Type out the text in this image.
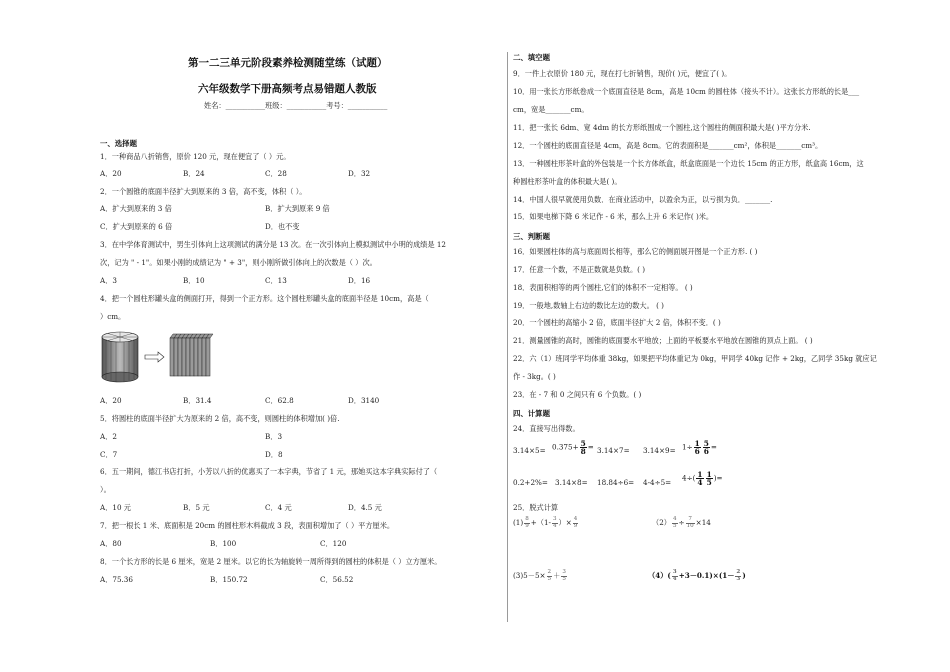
第一二三单元阶段素养检测随堂练（试题）
六年级数学下册高频考点易错题人教版
姓名：___________班级：___________考号：___________
一、选择题
1．一种商品八折销售，原价 120 元，现在便宜了（ ）元。
A．20	B．24	C．28	D．32
2．一个圆锥的底面半径扩大到原来的 3 倍，高不变，体积（ ）。
A．扩大到原来的 3 倍	B．扩大到原来 9 倍
C．扩大到原来的 6 倍	D．也不变
3．在中学体育测试中，男生引体向上这项测试的满分是 13 次。在一次引体向上模拟测试中小明的成绩是 12
次，记为 " - 1"。如果小刚的成绩记为 " + 3"，则小刚所做引体向上的次数是（ ）次。
A．3	B．10	C．13	D．16
4．把一个圆柱形罐头盒的侧面打开，得到一个正方形。这个圆柱形罐头盒的底面半径是 10cm，高是（
）cm。
A．20	B．31.4	C．62.8	D．3140
5．将圆柱的底面半径扩大为原来的 2 倍，高不变，则圆柱的体积增加( )倍.
A．2	B．3
C．7	D．8
6．五一期间，德江书店打折，小芳以八折的优惠买了一本字典，节省了 1 元，那她买这本字典实际付了（
）。
A．10 元	B．5 元	C．4 元	D．4.5 元
7．把一根长 1 米、底面积是 20cm 的圆柱形木料截成 3 段，表面积增加了（ ）平方厘米。
A．80	B．100	C．120
8．一个长方形的长是 6 厘米，宽是 2 厘米。以它的长为轴旋转一周所得到的圆柱的体积是（ ）立方厘米。
A．75.36	B．150.72	C．56.52
二、填空题
9．一件上衣原价 180 元，现在打七折销售，现价( )元，便宜了( )。
10．用一张长方形纸卷成一个底面直径是 8cm，高是 10cm 的圆柱体（接头不计）。这张长方形纸的长是___
cm，宽是_______cm。
11．把一张长 6dm、宽 4dm 的长方形纸围成一个圆柱,这个圆柱的侧面积最大是( )平方分米.
12．一个圆柱的底面直径是 4cm，高是 8cm。它的表面积是_______cm²，体积是_______cm³。
13．一种圆柱形茶叶盒的外包装是一个长方体纸盒，纸盒底面是一个边长 15cm 的正方形，纸盒高 16cm，这
种圆柱形茶叶盒的体积最大是( )。
14．中国人很早就使用负数．在商业活动中，以盈余为正，以亏损为负．_______.
15．如果电梯下降 6 米记作 - 6 米，那么上升 6 米记作( )米。
三、判断题
16．如果圆柱体的高与底面周长相等，那么它的侧面展开图是一个正方形. ( )
17．任意一个数，不是正数就是负数。( )
18．表面积相等的两个圆柱,它们的体积不一定相等。 ( )
19．一般地,数轴上右边的数比左边的数大。 ( )
20．一个圆柱的高缩小 2 倍，底面半径扩大 2 倍，体积不变．( )
21．测量圆锥的高时，圆锥的底面要水平地放；上面的平板要水平地放在圆锥的顶点上面。 ( )
22．六（1）班同学平均体重 38kg，如果把平均体重记为 0kg，甲同学 40kg 记作 + 2kg，乙同学 35kg 就应记
作 - 3kg。( )
23．在 - 7 和 0 之间只有 6 个负数。( )
四、计算题
24．直接写出得数。
$3.14\times 5= 0.375+ \frac{5}{8} = 3.14\times 7= 3.14\times 9= 1\div \frac{1}{6} \frac{5}{6}$ =
$0.2+2\%= 3.14\times 8= 18.84\div 6= 4-4\div 5= 4\div( \frac{1}{4} \frac{1}{5}$ )=
25．脱式计算
$(1) \frac{8}{9} +(1- \frac{3}{4}$ ）× $\frac{4}{9}$	$(2) \frac{4}{5} \div \frac{7}{10} \times 14$
$(3)5-5\times \frac{2}{5} + \frac{3}{5}$	$(4)( \frac{3}{4} +3-0.1)\times(1- \frac{2}{3}$ )
